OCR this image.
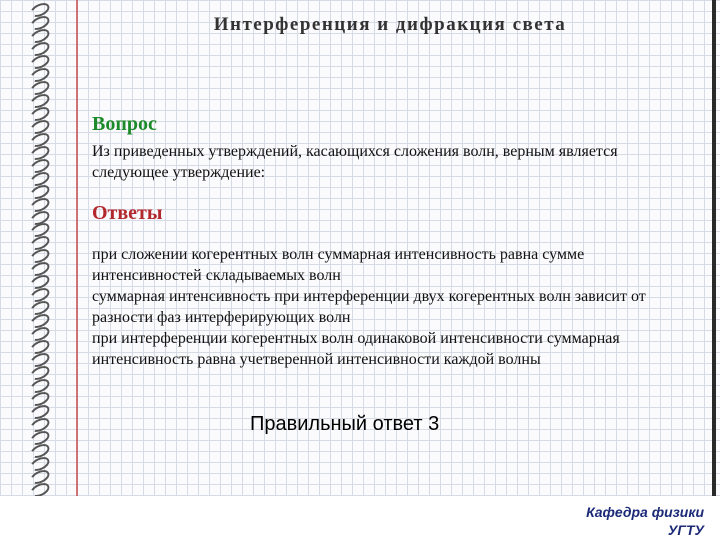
Интерференция и дифракция света
Вопрос
Из приведенных утверждений, касающихся сложения волн, верным является следующее утверждение:
Ответы

при сложении когерентных волн суммарная интенсивность равна сумме интенсивностей складываемых волн

суммарная интенсивность при интерференции двух когерентных волн зависит от разности фаз интерферирующих волн

при интерференции когерентных волн одинаковой интенсивности суммарная интенсивность равна учетверенной интенсивности каждой волны

Правильный ответ 3
Кафедра физики
УГТУ
